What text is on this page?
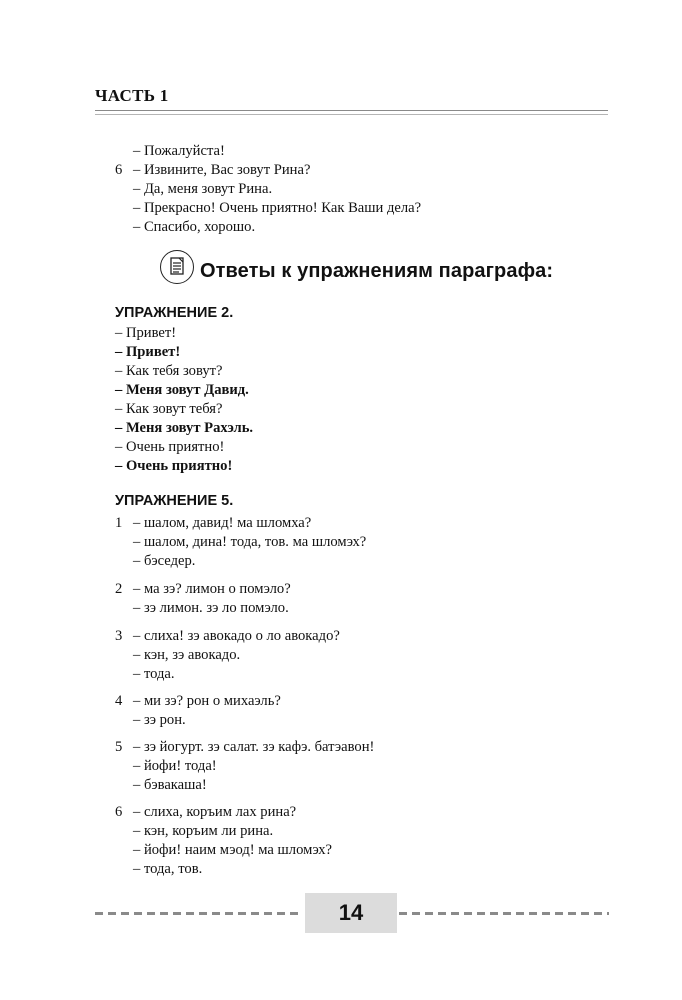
ЧАСТЬ 1
– Пожалуйста!
6 – Извините, Вас зовут Рина?
– Да, меня зовут Рина.
– Прекрасно! Очень приятно! Как Ваши дела?
– Спасибо, хорошо.
Ответы к упражнениям параграфа:
УПРАЖНЕНИЕ 2.
– Привет!
– Привет!
– Как тебя зовут?
– Меня зовут Давид.
– Как зовут тебя?
– Меня зовут Рахэль.
– Очень приятно!
– Очень приятно!
УПРАЖНЕНИЕ 5.
1 – шалом, давид! ма шломха?
– шалом, дина! тода, тов. ма шломэх?
– бэседер.
2 – ма зэ? лимон о помэло?
– зэ лимон. зэ ло помэло.
3 – слиха! зэ авокадо о ло авокадо?
– кэн, зэ авокадо.
– тода.
4 – ми зэ? рон о михаэль?
– зэ рон.
5 – зэ йогурт. зэ салат. зэ кафэ. батэавон!
– йофи! тода!
– бэвакаша!
6 – слиха, коръим лах рина?
– кэн, коръим ли рина.
– йофи! наим мэод! ма шломэх?
– тода, тов.
14
